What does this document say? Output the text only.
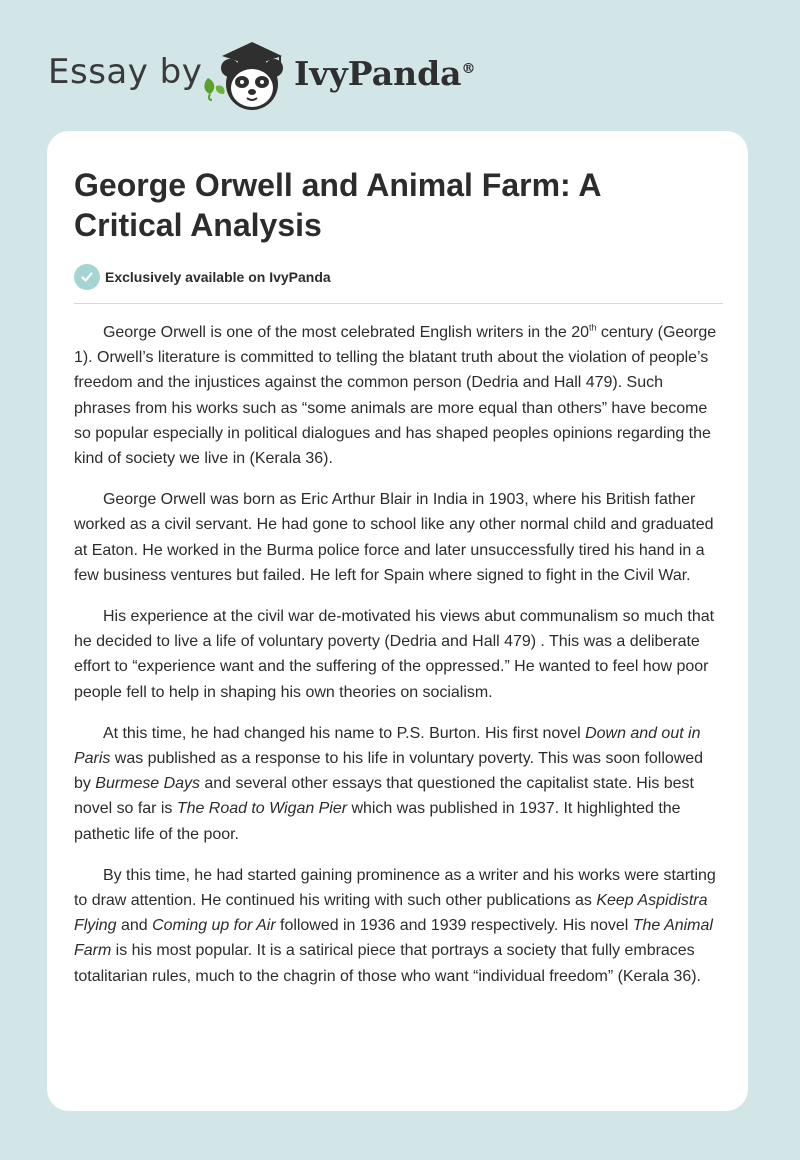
Essay by	IvyPanda®
George Orwell and Animal Farm: A Critical Analysis
Exclusively available on IvyPanda

George Orwell is one of the most celebrated English writers in the 20th century (George 1). Orwell’s literature is committed to telling the blatant truth about the violation of people’s freedom and the injustices against the common person (Dedria and Hall 479). Such phrases from his works such as “some animals are more equal than others” have become so popular especially in political dialogues and has shaped peoples opinions regarding the kind of society we live in (Kerala 36).

George Orwell was born as Eric Arthur Blair in India in 1903, where his British father worked as a civil servant. He had gone to school like any other normal child and graduated at Eaton. He worked in the Burma police force and later unsuccessfully tired his hand in a few business ventures but failed. He left for Spain where signed to fight in the Civil War.

His experience at the civil war de-motivated his views abut communalism so much that he decided to live a life of voluntary poverty (Dedria and Hall 479) . This was a deliberate effort to “experience want and the suffering of the oppressed.” He wanted to feel how poor people fell to help in shaping his own theories on socialism.

At this time, he had changed his name to P.S. Burton. His first novel Down and out in Paris was published as a response to his life in voluntary poverty. This was soon followed by Burmese Days and several other essays that questioned the capitalist state. His best novel so far is The Road to Wigan Pier which was published in 1937. It highlighted the pathetic life of the poor.

By this time, he had started gaining prominence as a writer and his works were starting to draw attention. He continued his writing with such other publications as Keep Aspidistra Flying and Coming up for Air followed in 1936 and 1939 respectively. His novel The Animal Farm is his most popular. It is a satirical piece that portrays a society that fully embraces totalitarian rules, much to the chagrin of those who want “individual freedom” (Kerala 36).
